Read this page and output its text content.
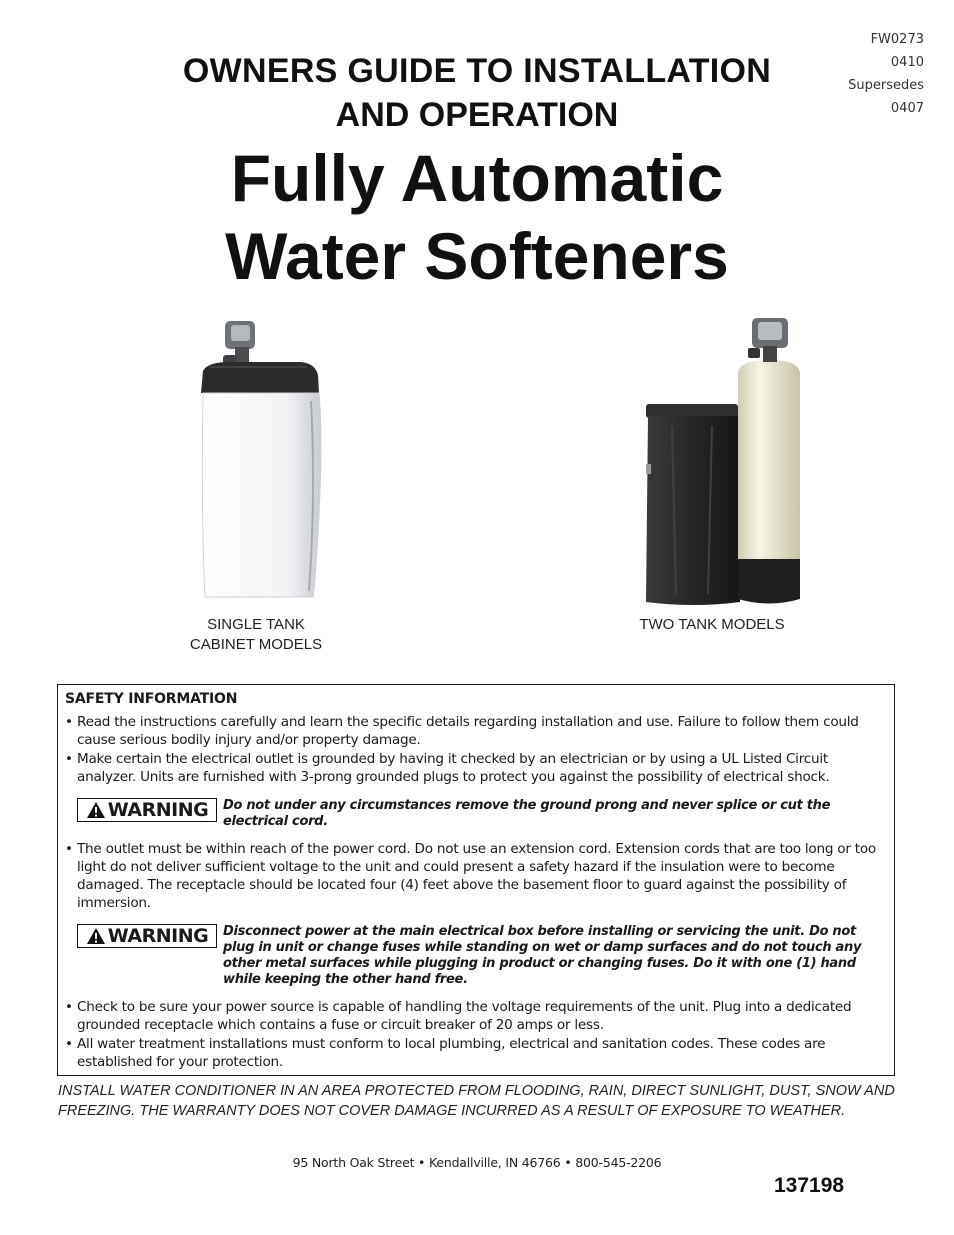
FW0273
0410
Supersedes
0407
OWNERS GUIDE TO INSTALLATION
AND OPERATION
Fully Automatic
Water Softeners
SINGLE TANK
CABINET MODELS
TWO TANK MODELS
SAFETY INFORMATION
• Read the instructions carefully and learn the specific details regarding installation and use. Failure to follow them could cause serious bodily injury and/or property damage.
• Make certain the electrical outlet is grounded by having it checked by an electrician or by using a UL Listed Circuit analyzer. Units are furnished with 3-prong grounded plugs to protect you against the possibility of electrical shock.
WARNING Do not under any circumstances remove the ground prong and never splice or cut the electrical cord.
• The outlet must be within reach of the power cord. Do not use an extension cord. Extension cords that are too long or too light do not deliver sufficient voltage to the unit and could present a safety hazard if the insulation were to become damaged. The receptacle should be located four (4) feet above the basement floor to guard against the possibility of immersion.
WARNING Disconnect power at the main electrical box before installing or servicing the unit. Do not plug in unit or change fuses while standing on wet or damp surfaces and do not touch any other metal surfaces while plugging in product or changing fuses. Do it with one (1) hand while keeping the other hand free.
• Check to be sure your power source is capable of handling the voltage requirements of the unit. Plug into a dedicated grounded receptacle which contains a fuse or circuit breaker of 20 amps or less.
• All water treatment installations must conform to local plumbing, electrical and sanitation codes. These codes are established for your protection.
INSTALL WATER CONDITIONER IN AN AREA PROTECTED FROM FLOODING, RAIN, DIRECT SUNLIGHT, DUST, SNOW AND FREEZING. THE WARRANTY DOES NOT COVER DAMAGE INCURRED AS A RESULT OF EXPOSURE TO WEATHER.
95 North Oak Street • Kendallville, IN 46766 • 800-545-2206
137198
